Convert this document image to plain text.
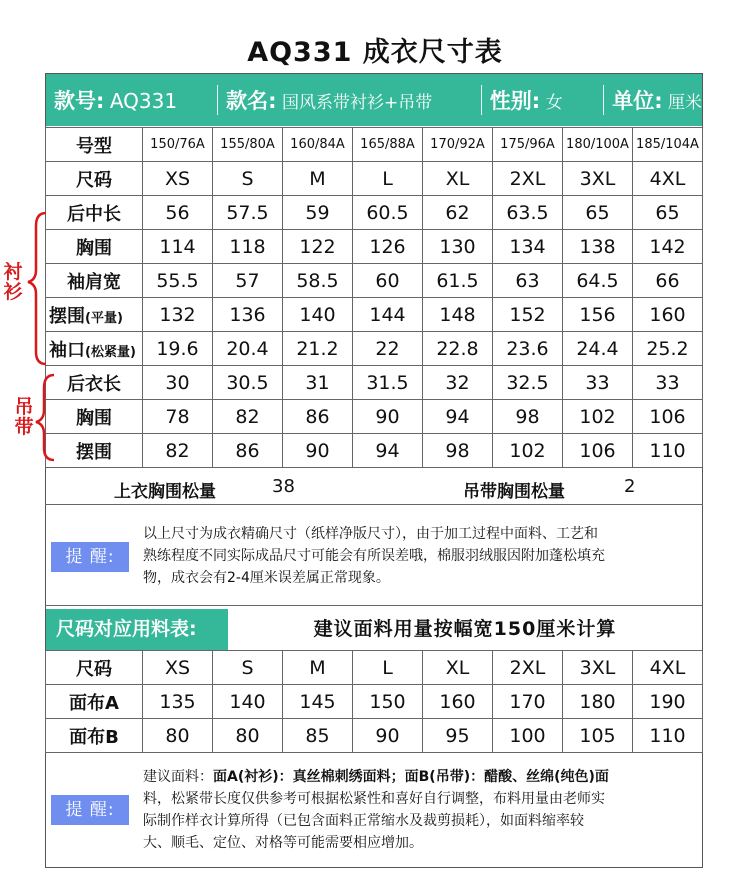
AQ331 成衣尺寸表
款号: AQ331	款名: 国风系带衬衫+吊带	性别: 女	单位: 厘米
号型	150/76A	155/80A	160/84A	165/88A	170/92A	175/96A	180/100A	185/104A
尺码	XS	S	M	L	XL	2XL	3XL	4XL
后中长	56	57.5	59	60.5	62	63.5	65	65
胸围	114	118	122	126	130	134	138	142
袖肩宽	55.5	57	58.5	60	61.5	63	64.5	66
摆围(平量)	132	136	140	144	148	152	156	160
袖口(松紧量)	19.6	20.4	21.2	22	22.8	23.6	24.4	25.2
后衣长	30	30.5	31	31.5	32	32.5	33	33
胸围	78	82	86	90	94	98	102	106
摆围	82	86	90	94	98	102	106	110
上衣胸围松量	38	吊带胸围松量	2
提 醒:
以上尺寸为成衣精确尺寸（纸样净版尺寸），由于加工过程中面料、工艺和
熟练程度不同实际成品尺寸可能会有所误差哦，棉服羽绒服因附加蓬松填充
物，成衣会有2-4厘米误差属正常现象。
尺码对应用料表:	建议面料用量按幅宽150厘米计算
尺码	XS	S	M	L	XL	2XL	3XL	4XL
面布A	135	140	145	150	160	170	180	190
面布B	80	80	85	90	95	100	105	110
提 醒:
建议面料：面A(衬衫)：真丝棉刺绣面料；面B(吊带)：醋酸、丝绵(纯色)面
料，松紧带长度仅供参考可根据松紧性和喜好自行调整，布料用量由老师实
际制作样衣计算所得（已包含面料正常缩水及裁剪损耗），如面料缩率较
大、顺毛、定位、对格等可能需要相应增加。
衬衫
吊带
